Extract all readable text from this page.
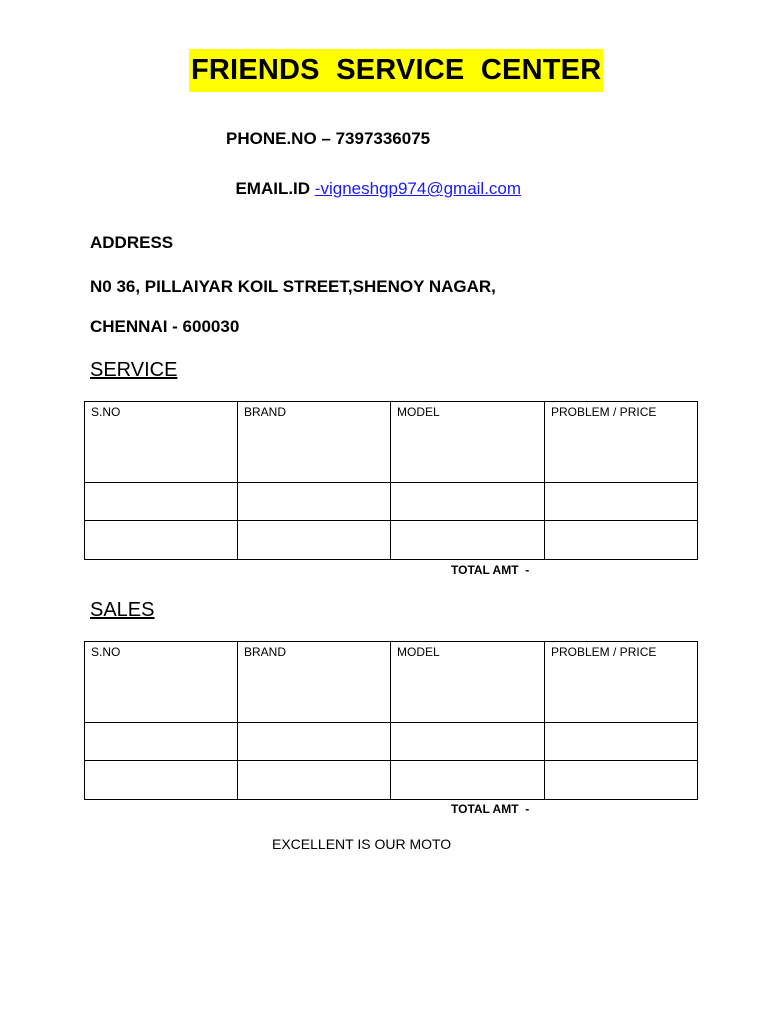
FRIENDS  SERVICE  CENTER
PHONE.NO – 7397336075

EMAIL.ID -vigneshgp974@gmail.com

ADDRESS
N0 36, PILLAIYAR KOIL STREET,SHENOY NAGAR,
CHENNAI - 600030
SERVICE
S.NO	BRAND	MODEL	PROBLEM / PRICE

TOTAL AMT  -
SALES
S.NO	BRAND	MODEL	PROBLEM / PRICE

TOTAL AMT  -
EXCELLENT IS OUR MOTO
